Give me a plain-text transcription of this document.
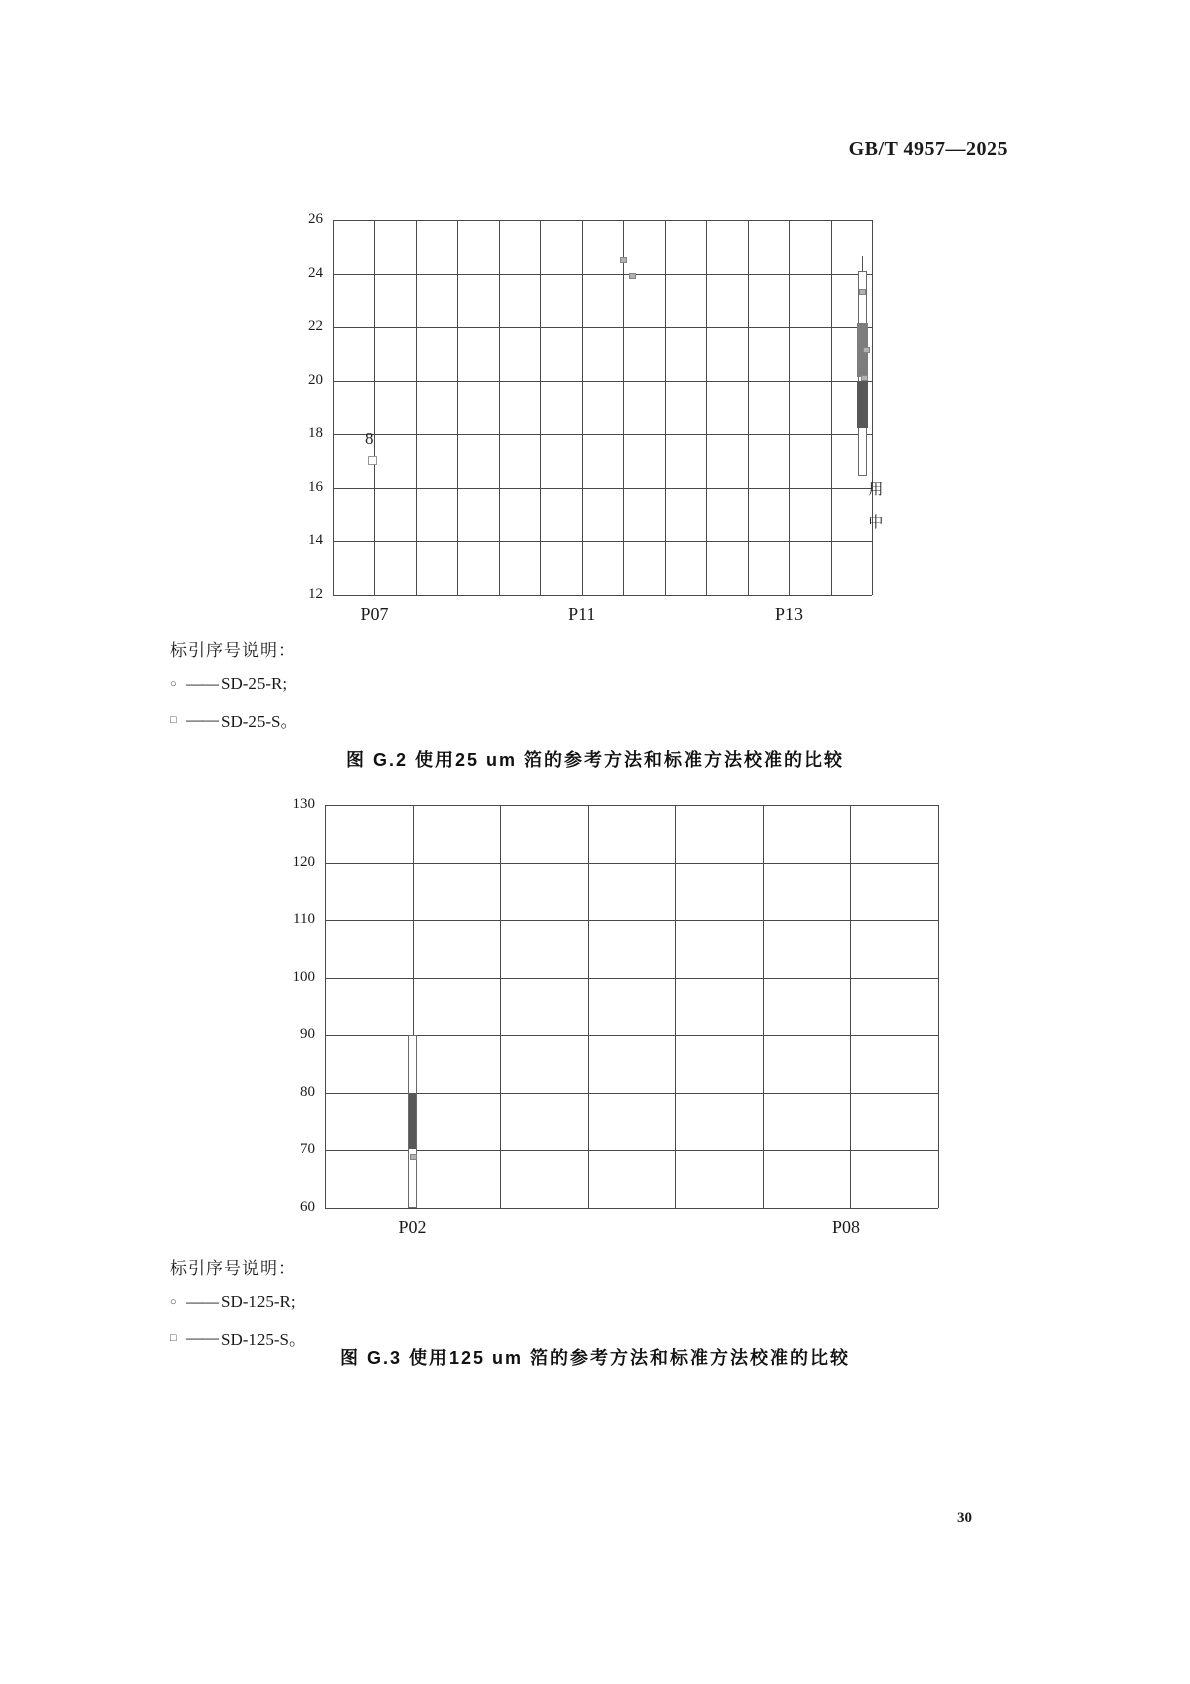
GB/T 4957—2025
26
24
22
20
18
16
14
12
P07	P11	P13
8
用
中
标引序号说明：
○ —— SD-25-R;
□ —— SD-25-S。
图 G.2 使用25 um 箔的参考方法和标准方法校准的比较
130
120
110
100
90
80
70
60
P02	P08
标引序号说明：
○ —— SD-125-R;
□ —— SD-125-S。
图 G.3 使用125 um 箔的参考方法和标准方法校准的比较
30
